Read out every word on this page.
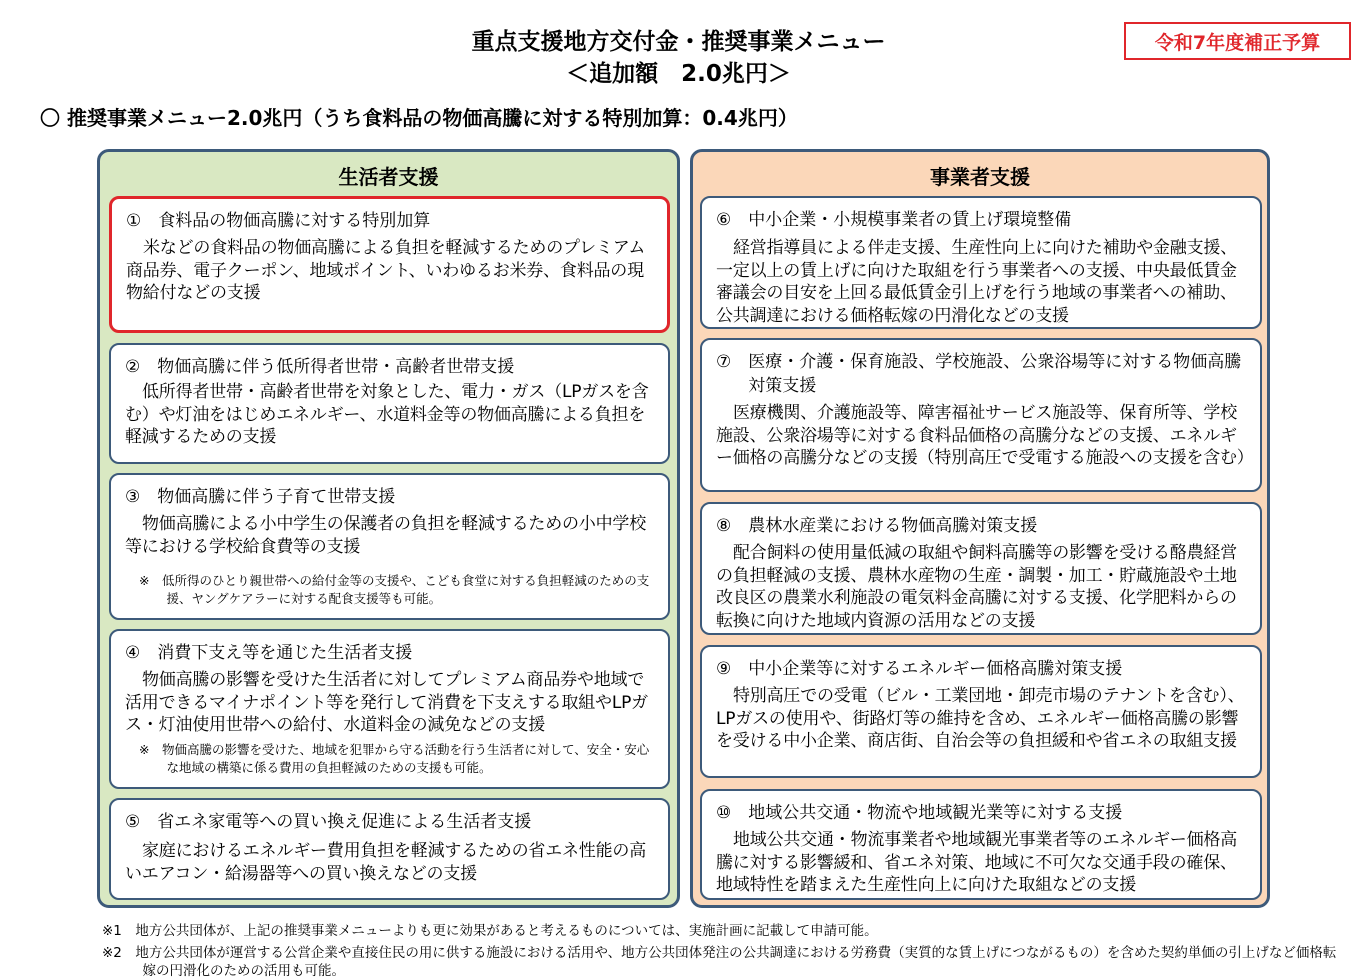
重点支援地方交付金・推奨事業メニュー
＜追加額　2.0兆円＞
令和7年度補正予算
〇 推奨事業メニュー2.0兆円（うち食料品の物価高騰に対する特別加算：0.4兆円）
生活者支援
①　食料品の物価高騰に対する特別加算
米などの食料品の物価高騰による負担を軽減するためのプレミアム商品券、電子クーポン、地域ポイント、いわゆるお米券、食料品の現物給付などの支援
②　物価高騰に伴う低所得者世帯・高齢者世帯支援
低所得者世帯・高齢者世帯を対象とした、電力・ガス（LPガスを含む）や灯油をはじめエネルギー、水道料金等の物価高騰による負担を軽減するための支援
③　物価高騰に伴う子育て世帯支援
物価高騰による小中学生の保護者の負担を軽減するための小中学校等における学校給食費等の支援
※　低所得のひとり親世帯への給付金等の支援や、こども食堂に対する負担軽減のための支援、ヤングケアラーに対する配食支援等も可能。
④　消費下支え等を通じた生活者支援
物価高騰の影響を受けた生活者に対してプレミアム商品券や地域で活用できるマイナポイント等を発行して消費を下支えする取組やLPガス・灯油使用世帯への給付、水道料金の減免などの支援
※　物価高騰の影響を受けた、地域を犯罪から守る活動を行う生活者に対して、安全・安心な地域の構築に係る費用の負担軽減のための支援も可能。
⑤　省エネ家電等への買い換え促進による生活者支援
家庭におけるエネルギー費用負担を軽減するための省エネ性能の高いエアコン・給湯器等への買い換えなどの支援
事業者支援
⑥　中小企業・小規模事業者の賃上げ環境整備
経営指導員による伴走支援、生産性向上に向けた補助や金融支援、一定以上の賃上げに向けた取組を行う事業者への支援、中央最低賃金審議会の目安を上回る最低賃金引上げを行う地域の事業者への補助、公共調達における価格転嫁の円滑化などの支援
⑦　医療・介護・保育施設、学校施設、公衆浴場等に対する物価高騰対策支援
医療機関、介護施設等、障害福祉サービス施設等、保育所等、学校施設、公衆浴場等に対する食料品価格の高騰分などの支援、エネルギー価格の高騰分などの支援（特別高圧で受電する施設への支援を含む）
⑧　農林水産業における物価高騰対策支援
配合飼料の使用量低減の取組や飼料高騰等の影響を受ける酪農経営の負担軽減の支援、農林水産物の生産・調製・加工・貯蔵施設や土地改良区の農業水利施設の電気料金高騰に対する支援、化学肥料からの転換に向けた地域内資源の活用などの支援
⑨　中小企業等に対するエネルギー価格高騰対策支援
特別高圧での受電（ビル・工業団地・卸売市場のテナントを含む）、LPガスの使用や、街路灯等の維持を含め、エネルギー価格高騰の影響を受ける中小企業、商店街、自治会等の負担緩和や省エネの取組支援
⑩　地域公共交通・物流や地域観光業等に対する支援
地域公共交通・物流事業者や地域観光事業者等のエネルギー価格高騰に対する影響緩和、省エネ対策、地域に不可欠な交通手段の確保、地域特性を踏まえた生産性向上に向けた取組などの支援
※1　地方公共団体が、上記の推奨事業メニューよりも更に効果があると考えるものについては、実施計画に記載して申請可能。
※2　地方公共団体が運営する公営企業や直接住民の用に供する施設における活用や、地方公共団体発注の公共調達における労務費（実質的な賃上げにつながるもの）を含めた契約単価の引上げなど価格転嫁の円滑化のための活用も可能。
